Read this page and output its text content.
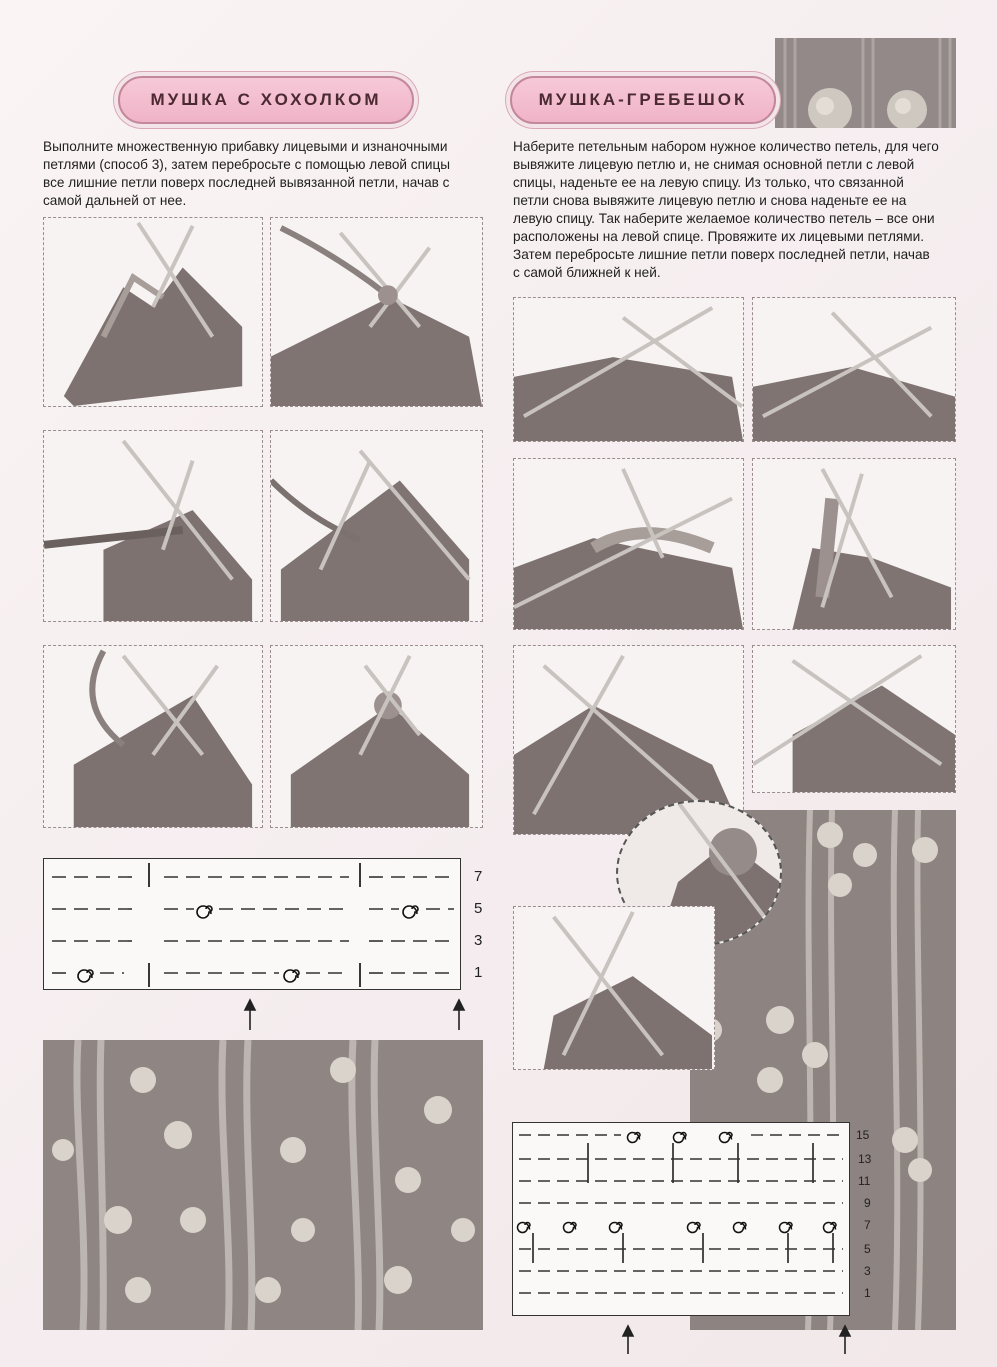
МУШКА С ХОХОЛКОМ
Выполните множественную прибавку лицевыми и изнаночными
петлями (способ 3), затем перебросьте с помощью левой спицы
все лишние петли поверх последней вывязанной петли, начав с
самой дальней от нее.
7
5
3
1
МУШКА-ГРЕБЕШОК
Наберите петельным набором нужное количество петель, для чего
вывяжите лицевую петлю и, не снимая основной петли с левой
спицы, наденьте ее на левую спицу. Из только, что связанной
петли снова вывяжите лицевую петлю и снова наденьте ее на
левую спицу. Так наберите желаемое количество петель – все они
расположены на левой спице. Провяжите их лицевыми петлями.
Затем перебросьте лишние петли поверх последней петли, начав
с самой ближней к ней.
15
13
11
9
7
5
3
1
